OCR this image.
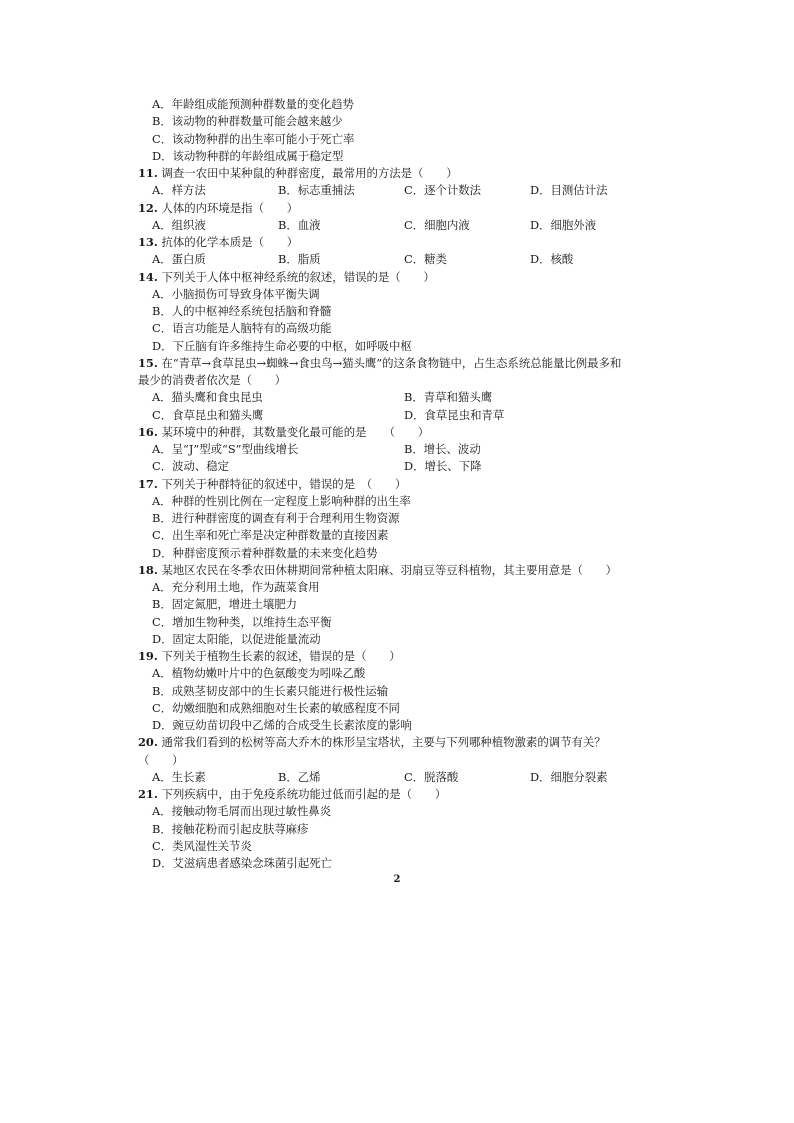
A．年龄组成能预测种群数量的变化趋势
B．该动物的种群数量可能会越来越少
C．该动物种群的出生率可能小于死亡率
D．该动物种群的年龄组成属于稳定型
11. 调查一农田中某种鼠的种群密度，最常用的方法是（　　）
A．样方法	B．标志重捕法	C．逐个计数法	D．目测估计法
12. 人体的内环境是指（　　）
A．组织液	B．血液	C．细胞内液	D．细胞外液
13. 抗体的化学本质是（　　）
A．蛋白质	B．脂质	C．糖类	D．核酸
14. 下列关于人体中枢神经系统的叙述，错误的是（　　）
A．小脑损伤可导致身体平衡失调
B．人的中枢神经系统包括脑和脊髓
C．语言功能是人脑特有的高级功能
D．下丘脑有许多维持生命必要的中枢，如呼吸中枢
15. 在“青草→食草昆虫→蜘蛛→食虫鸟→猫头鹰”的这条食物链中，占生态系统总能量比例最多和
最少的消费者依次是（　　）
A．猫头鹰和食虫昆虫	B．青草和猫头鹰
C．食草昆虫和猫头鹰	D．食草昆虫和青草
16. 某环境中的种群，其数量变化最可能的是　　（　　）
A．呈“J”型或“S”型曲线增长	B．增长、波动
C．波动、稳定	D．增长、下降
17. 下列关于种群特征的叙述中，错误的是　（　　）
A．种群的性别比例在一定程度上影响种群的出生率
B．进行种群密度的调查有利于合理利用生物资源
C．出生率和死亡率是决定种群数量的直接因素
D．种群密度预示着种群数量的未来变化趋势
18. 某地区农民在冬季农田休耕期间常种植太阳麻、羽扇豆等豆科植物，其主要用意是（　　）
A．充分利用土地，作为蔬菜食用
B．固定氮肥，增进土壤肥力
C．增加生物种类，以维持生态平衡
D．固定太阳能，以促进能量流动
19. 下列关于植物生长素的叙述，错误的是（　　）
A．植物幼嫩叶片中的色氨酸变为吲哚乙酸
B．成熟茎韧皮部中的生长素只能进行极性运输
C．幼嫩细胞和成熟细胞对生长素的敏感程度不同
D．豌豆幼苗切段中乙烯的合成受生长素浓度的影响
20. 通常我们看到的松树等高大乔木的株形呈宝塔状，主要与下列哪种植物激素的调节有关？
（　　）
A．生长素	B．乙烯	C．脱落酸	D．细胞分裂素
21. 下列疾病中，由于免疫系统功能过低而引起的是（　　）
A．接触动物毛屑而出现过敏性鼻炎
B．接触花粉而引起皮肤荨麻疹
C．类风湿性关节炎
D．艾滋病患者感染念珠菌引起死亡
2
